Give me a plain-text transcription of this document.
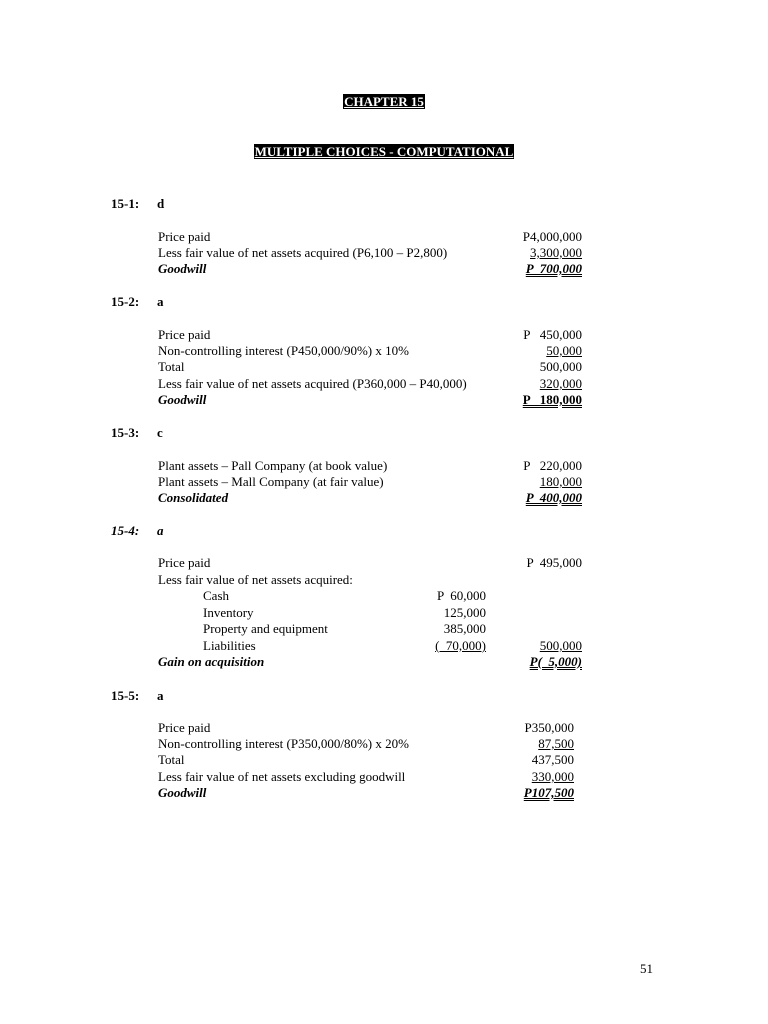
CHAPTER 15
MULTIPLE CHOICES - COMPUTATIONAL
15-1: d
Price paid	P4,000,000
Less fair value of net assets acquired (P6,100 – P2,800)	3,300,000
Goodwill	P  700,000
15-2: a
Price paid	P   450,000
Non-controlling interest (P450,000/90%) x 10%	50,000
Total	500,000
Less fair value of net assets acquired (P360,000 – P40,000)	320,000
Goodwill	P   180,000
15-3: c
Plant assets – Pall Company (at book value)	P   220,000
Plant assets – Mall Company (at fair value)	180,000
Consolidated	P  400,000
15-4: a
Price paid	P  495,000
Less fair value of net assets acquired:
Cash	P  60,000
Inventory	125,000
Property and equipment	385,000
Liabilities	(  70,000)	500,000
Gain on acquisition	P(  5,000)
15-5: a
Price paid	P350,000
Non-controlling interest (P350,000/80%) x 20%	87,500
Total	437,500
Less fair value of net assets excluding goodwill	330,000
Goodwill	P107,500
51
